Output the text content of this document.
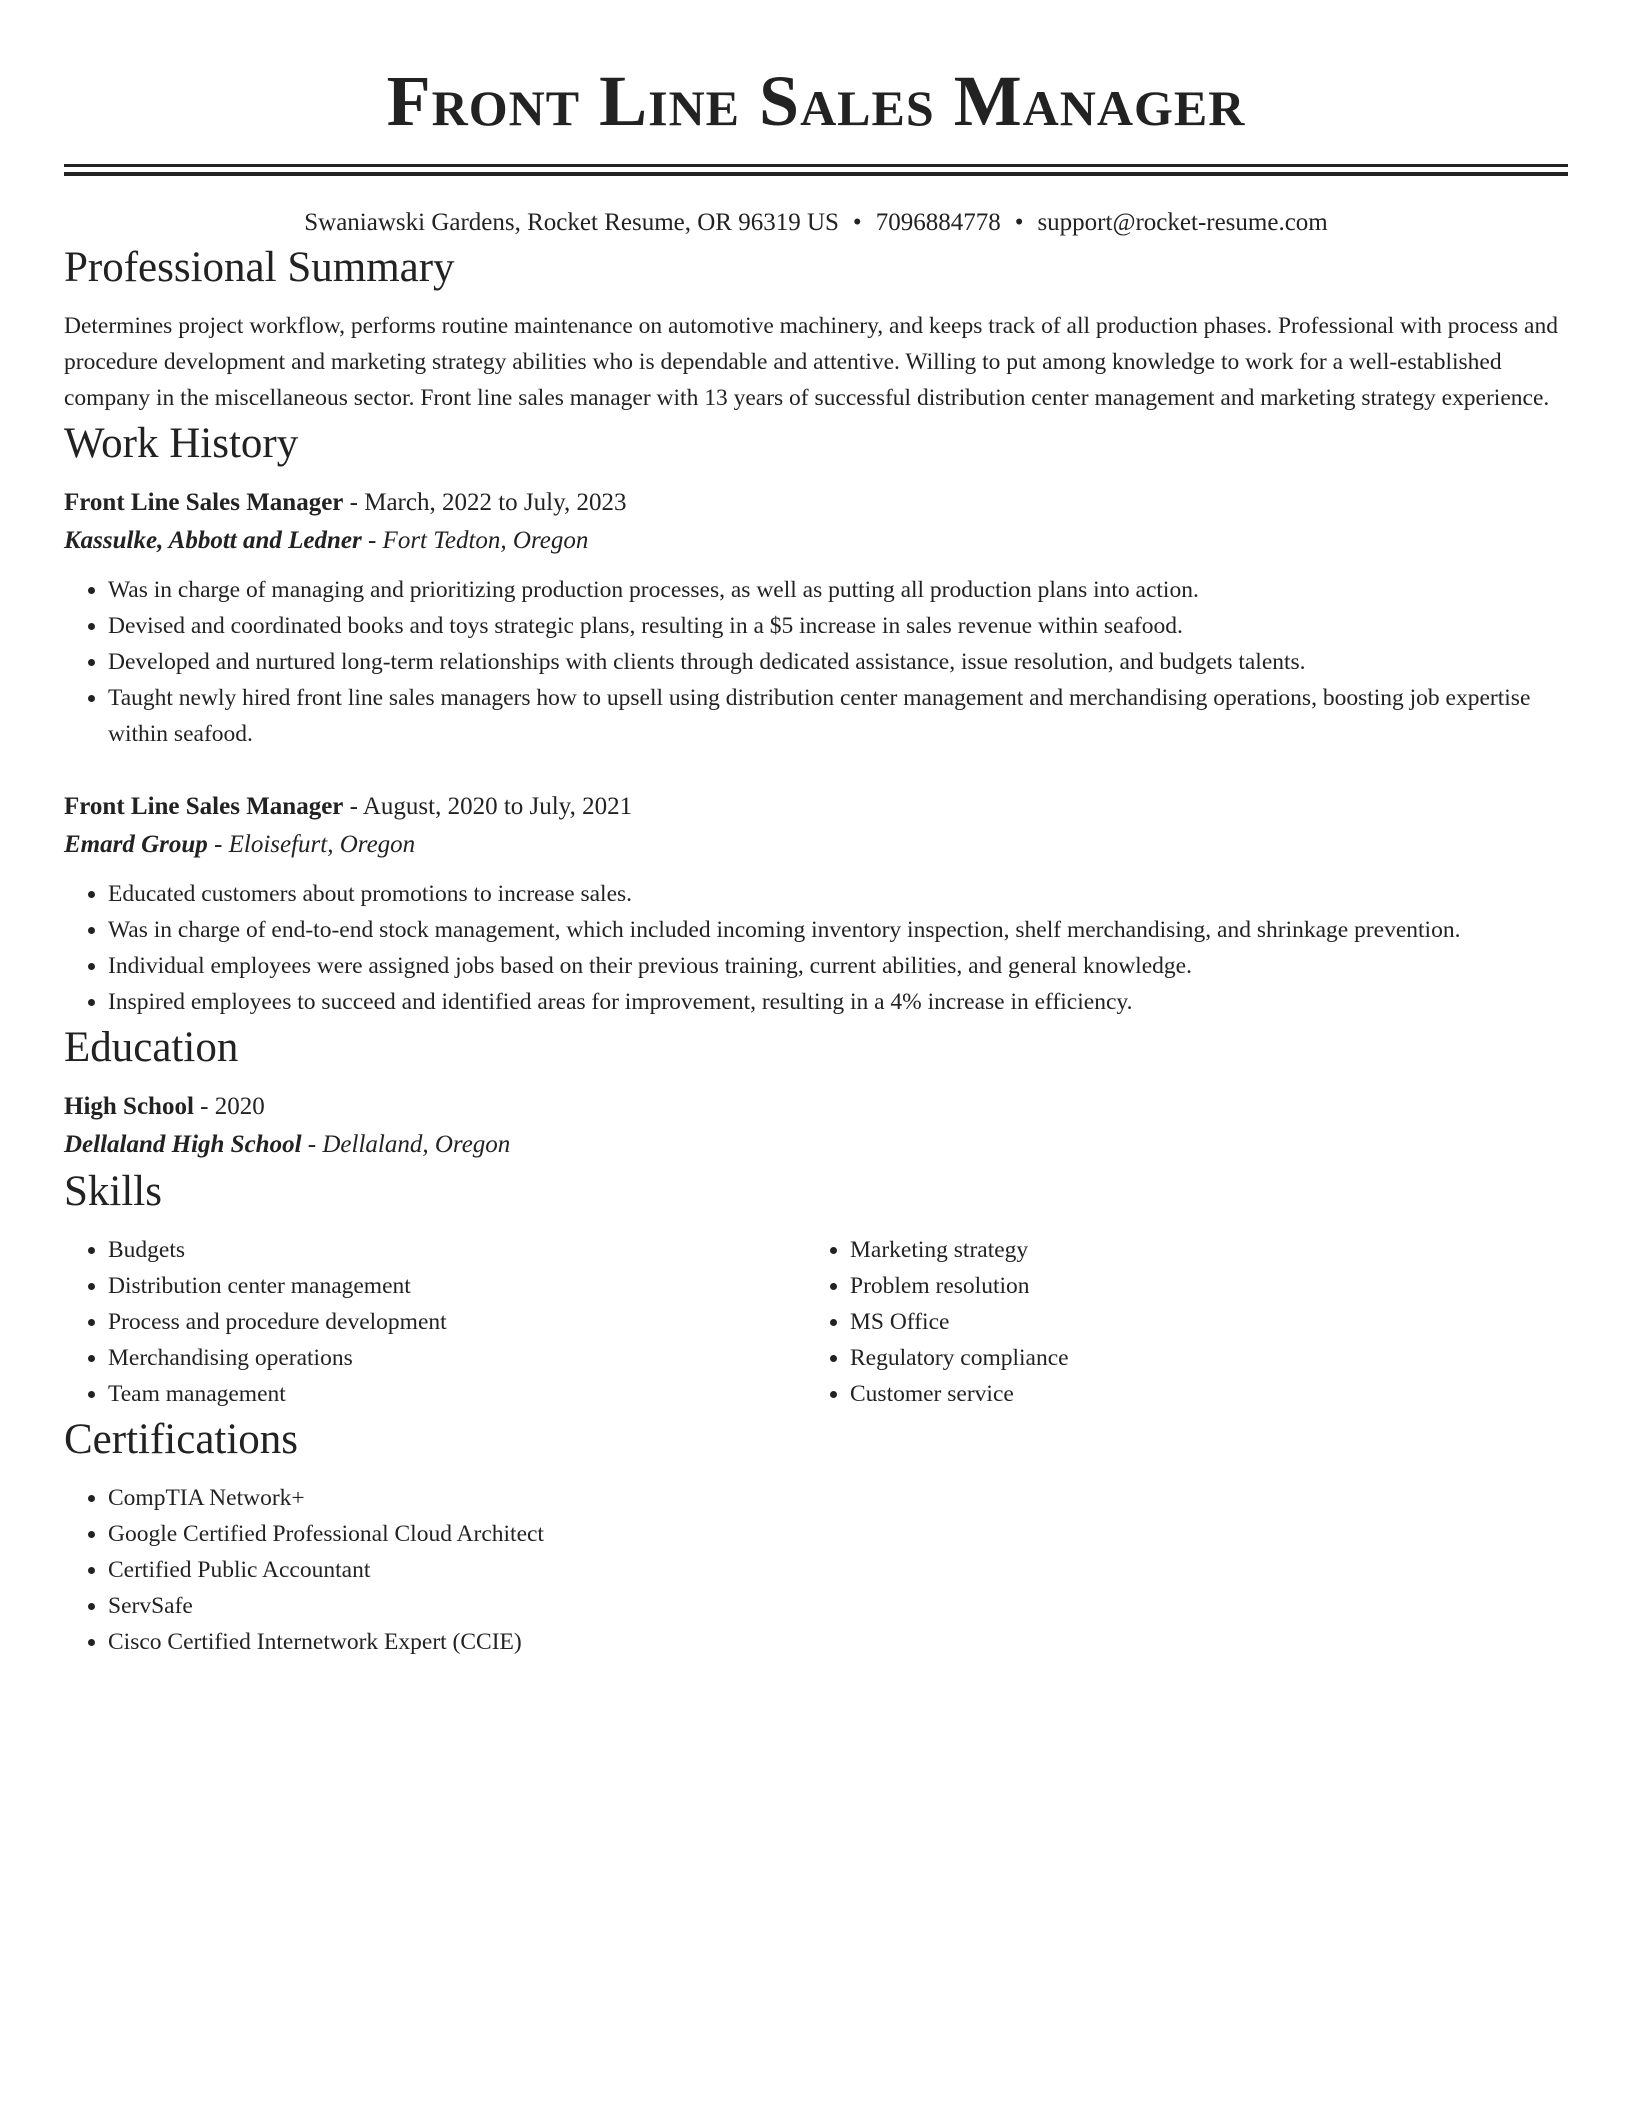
Front Line Sales Manager
Swaniawski Gardens, Rocket Resume, OR 96319 US • 7096884778 • support@rocket-resume.com
Professional Summary

Determines project workflow, performs routine maintenance on automotive machinery, and keeps track of all production phases. Professional with process and procedure development and marketing strategy abilities who is dependable and attentive. Willing to put among knowledge to work for a well-established company in the miscellaneous sector. Front line sales manager with 13 years of successful distribution center management and marketing strategy experience.

Work History
Front Line Sales Manager - March, 2022 to July, 2023
Kassulke, Abbott and Ledner - Fort Tedton, Oregon
• Was in charge of managing and prioritizing production processes, as well as putting all production plans into action.
• Devised and coordinated books and toys strategic plans, resulting in a $5 increase in sales revenue within seafood.
• Developed and nurtured long-term relationships with clients through dedicated assistance, issue resolution, and budgets talents.
• Taught newly hired front line sales managers how to upsell using distribution center management and merchandising operations, boosting job expertise within seafood.
Front Line Sales Manager - August, 2020 to July, 2021
Emard Group - Eloisefurt, Oregon
• Educated customers about promotions to increase sales.
• Was in charge of end-to-end stock management, which included incoming inventory inspection, shelf merchandising, and shrinkage prevention.
• Individual employees were assigned jobs based on their previous training, current abilities, and general knowledge.
• Inspired employees to succeed and identified areas for improvement, resulting in a 4% increase in efficiency.
Education
High School - 2020
Dellaland High School - Dellaland, Oregon
Skills
• Budgets
• Distribution center management
• Process and procedure development
• Merchandising operations
• Team management
• Marketing strategy
• Problem resolution
• MS Office
• Regulatory compliance
• Customer service
Certifications
• CompTIA Network+
• Google Certified Professional Cloud Architect
• Certified Public Accountant
• ServSafe
• Cisco Certified Internetwork Expert (CCIE)
